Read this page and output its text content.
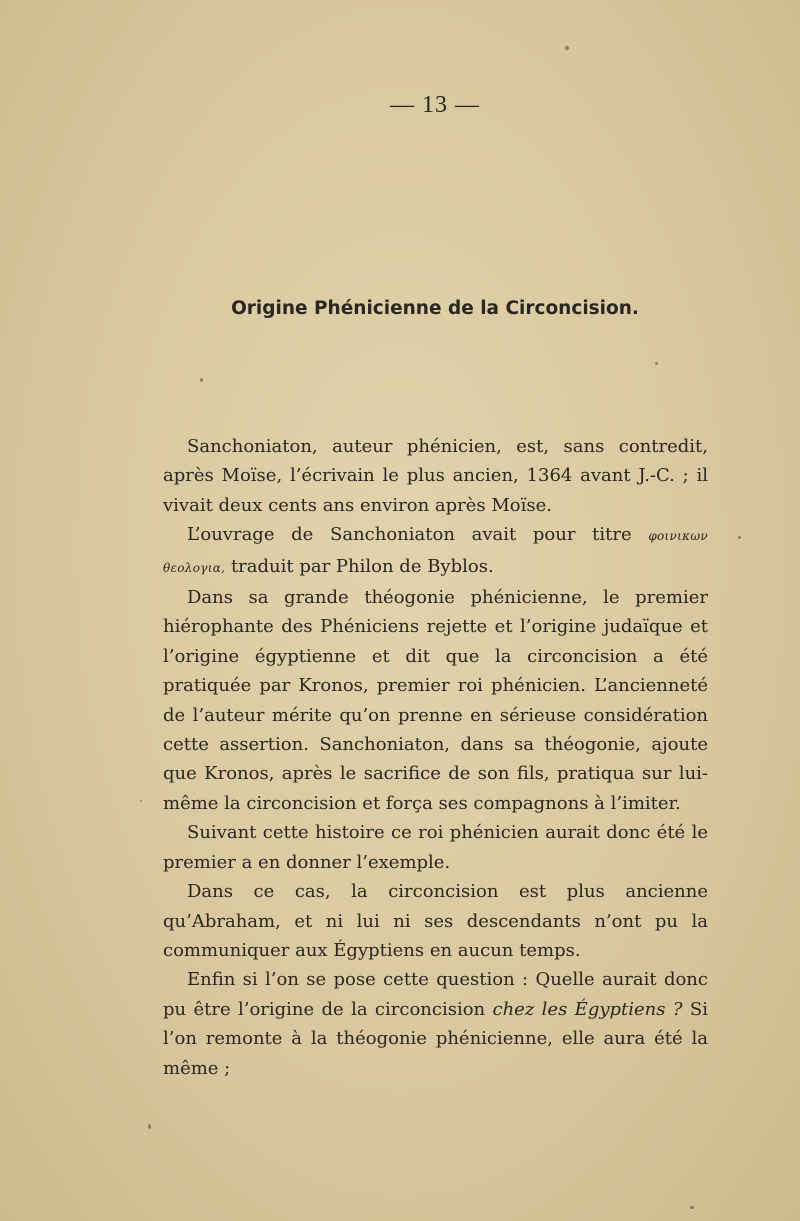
— 13 —
Origine Phénicienne de la Circoncision.

Sanchoniaton, auteur phénicien, est, sans contredit, après Moïse, l’écrivain le plus ancien, 1364 avant J.-C. ; il vivait deux cents ans environ après Moïse.

L’ouvrage de Sanchoniaton avait pour titre φοινικων θεολογια, traduit par Philon de Byblos.

Dans sa grande théogonie phénicienne, le premier hiérophante des Phéniciens rejette et l’origine judaïque et l’origine égyptienne et dit que la circoncision a été pratiquée par Kronos, premier roi phénicien. L’ancienneté de l’auteur mérite qu’on prenne en sérieuse considération cette assertion. Sanchoniaton, dans sa théogonie, ajoute que Kronos, après le sacrifice de son fils, pratiqua sur lui-même la circoncision et força ses compagnons à l’imiter.

Suivant cette histoire ce roi phénicien aurait donc été le premier a en donner l’exemple.

Dans ce cas, la circoncision est plus ancienne qu’Abraham, et ni lui ni ses descendants n’ont pu la communiquer aux Égyptiens en aucun temps.

Enfin si l’on se pose cette question : Quelle aurait donc pu être l’origine de la circoncision chez les Égyptiens ? Si l’on remonte à la théogonie phénicienne, elle aura été la même ;
